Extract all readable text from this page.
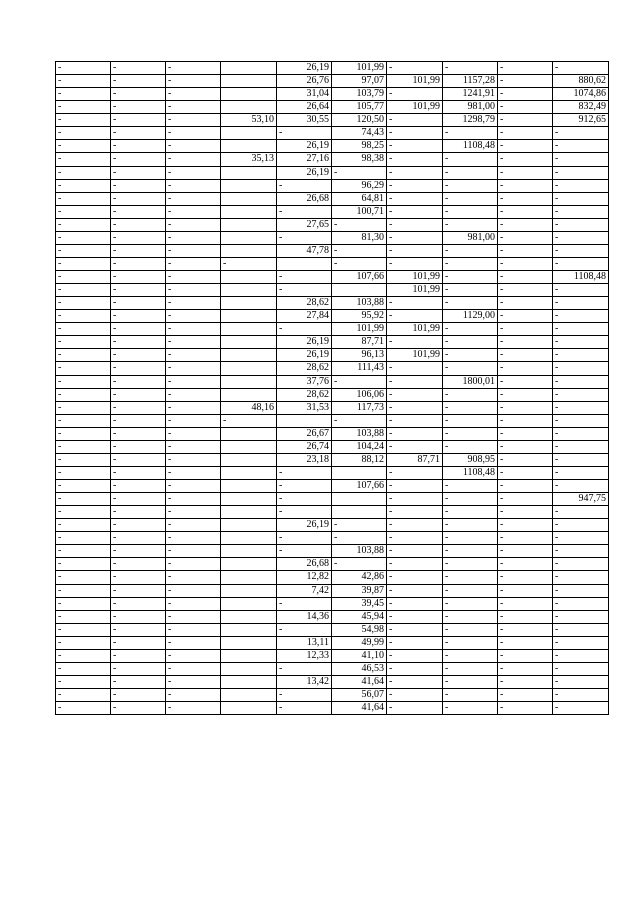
-	-	-		26,19	101,99	-	-	-	-
-	-	-		26,76	97,07	101,99	1157,28	-	880,62
-	-	-		31,04	103,79	-	1241,91	-	1074,86
-	-	-		26,64	105,77	101,99	981,00	-	832,49
-	-	-	53,10	30,55	120,50	-	1298,79	-	912,65
-	-	-		-	74,43	-	-	-	-
-	-	-		26,19	98,25	-	1108,48	-	-
-	-	-	35,13	27,16	98,38	-	-	-	-
-	-	-		26,19	-	-	-	-	-
-	-	-		-	96,29	-	-	-	-
-	-	-		26,68	64,81	-	-	-	-
-	-	-		-	100,71	-	-	-	-
-	-	-		27,65	-	-	-	-	-
-	-	-		-	81,30	-	981,00	-	-
-	-	-		47,78	-	-	-	-	-
-	-	-	-		-	-	-	-	-
-	-	-		-	107,66	101,99	-	-	1108,48
-	-	-		-		101,99	-	-	-
-	-	-		28,62	103,88	-	-	-	-
-	-	-		27,84	95,92	-	1129,00	-	-
-	-	-		-	101,99	101,99	-	-	-
-	-	-		26,19	87,71	-	-	-	-
-	-	-		26,19	96,13	101,99	-	-	-
-	-	-		28,62	111,43	-	-	-	-
-	-	-		37,76	-	-	1800,01	-	-
-	-	-		28,62	106,06	-	-	-	-
-	-	-	48,16	31,53	117,73	-	-	-	-
-	-	-	-		-	-	-	-	-
-	-	-		26,67	103,88	-	-	-	-
-	-	-		26,74	104,24	-	-	-	-
-	-	-		23,18	88,12	87,71	908,95	-	-
-	-	-		-		-	1108,48	-	-
-	-	-		-	107,66	-	-	-	-
-	-	-		-		-	-	-	947,75
-	-	-		-		-	-	-	-
-	-	-		26,19	-	-	-	-	-
-	-	-		-	-	-	-	-	-
-	-	-		-	103,88	-	-	-	-
-	-	-		26,68	-	-	-	-	-
-	-	-		12,82	42,86	-	-	-	-
-	-	-		7,42	39,87	-	-	-	-
-	-	-		-	39,45	-	-	-	-
-	-	-		14,36	45,94	-	-	-	-
-	-	-		-	54,98	-	-	-	-
-	-	-		13,11	49,99	-	-	-	-
-	-	-		12,33	41,10	-	-	-	-
-	-	-		-	46,53	-	-	-	-
-	-	-		13,42	41,64	-	-	-	-
-	-	-		-	56,07	-	-	-	-
-	-	-		-	41,64	-	-	-	-
